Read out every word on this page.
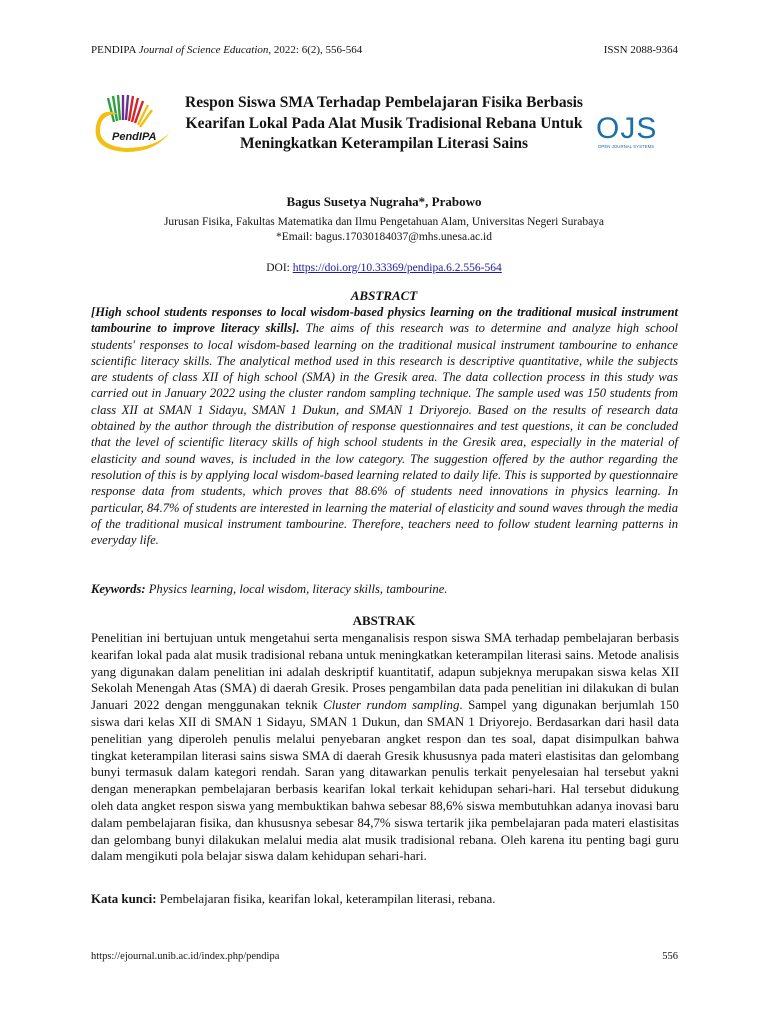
PENDIPA Journal of Science Education, 2022: 6(2), 556-564	ISSN 2088-9364
PendIPA
Respon Siswa SMA Terhadap Pembelajaran Fisika Berbasis Kearifan Lokal Pada Alat Musik Tradisional Rebana Untuk Meningkatkan Keterampilan Literasi Sains	OJS
OPEN JOURNAL SYSTEMS
Bagus Susetya Nugraha*, Prabowo
Jurusan Fisika, Fakultas Matematika dan Ilmu Pengetahuan Alam, Universitas Negeri Surabaya
*Email: bagus.17030184037@mhs.unesa.ac.id
DOI: https://doi.org/10.33369/pendipa.6.2.556-564
ABSTRACT
[High school students responses to local wisdom-based physics learning on the traditional musical instrument tambourine to improve literacy skills]. The aims of this research was to determine and analyze high school students' responses to local wisdom-based learning on the traditional musical instrument tambourine to enhance scientific literacy skills. The analytical method used in this research is descriptive quantitative, while the subjects are students of class XII of high school (SMA) in the Gresik area. The data collection process in this study was carried out in January 2022 using the cluster random sampling technique. The sample used was 150 students from class XII at SMAN 1 Sidayu, SMAN 1 Dukun, and SMAN 1 Driyorejo. Based on the results of research data obtained by the author through the distribution of response questionnaires and test questions, it can be concluded that the level of scientific literacy skills of high school students in the Gresik area, especially in the material of elasticity and sound waves, is included in the low category. The suggestion offered by the author regarding the resolution of this is by applying local wisdom-based learning related to daily life. This is supported by questionnaire response data from students, which proves that 88.6% of students need innovations in physics learning. In particular, 84.7% of students are interested in learning the material of elasticity and sound waves through the media of the traditional musical instrument tambourine. Therefore, teachers need to follow student learning patterns in everyday life.
Keywords: Physics learning, local wisdom, literacy skills, tambourine.
ABSTRAK
Penelitian ini bertujuan untuk mengetahui serta menganalisis respon siswa SMA terhadap pembelajaran berbasis kearifan lokal pada alat musik tradisional rebana untuk meningkatkan keterampilan literasi sains. Metode analisis yang digunakan dalam penelitian ini adalah deskriptif kuantitatif, adapun subjeknya merupakan siswa kelas XII Sekolah Menengah Atas (SMA) di daerah Gresik. Proses pengambilan data pada penelitian ini dilakukan di bulan Januari 2022 dengan menggunakan teknik Cluster rundom sampling. Sampel yang digunakan berjumlah 150 siswa dari kelas XII di SMAN 1 Sidayu, SMAN 1 Dukun, dan SMAN 1 Driyorejo. Berdasarkan dari hasil data penelitian yang diperoleh penulis melalui penyebaran angket respon dan tes soal, dapat disimpulkan bahwa tingkat keterampilan literasi sains siswa SMA di daerah Gresik khususnya pada materi elastisitas dan gelombang bunyi termasuk dalam kategori rendah. Saran yang ditawarkan penulis terkait penyelesaian hal tersebut yakni dengan menerapkan pembelajaran berbasis kearifan lokal terkait kehidupan sehari-hari. Hal tersebut didukung oleh data angket respon siswa yang membuktikan bahwa sebesar 88,6% siswa membutuhkan adanya inovasi baru dalam pembelajaran fisika, dan khususnya sebesar 84,7% siswa tertarik jika pembelajaran pada materi elastisitas dan gelombang bunyi dilakukan melalui media alat musik tradisional rebana. Oleh karena itu penting bagi guru dalam mengikuti pola belajar siswa dalam kehidupan sehari-hari.
Kata kunci: Pembelajaran fisika, kearifan lokal, keterampilan literasi, rebana.
https://ejournal.unib.ac.id/index.php/pendipa	556
